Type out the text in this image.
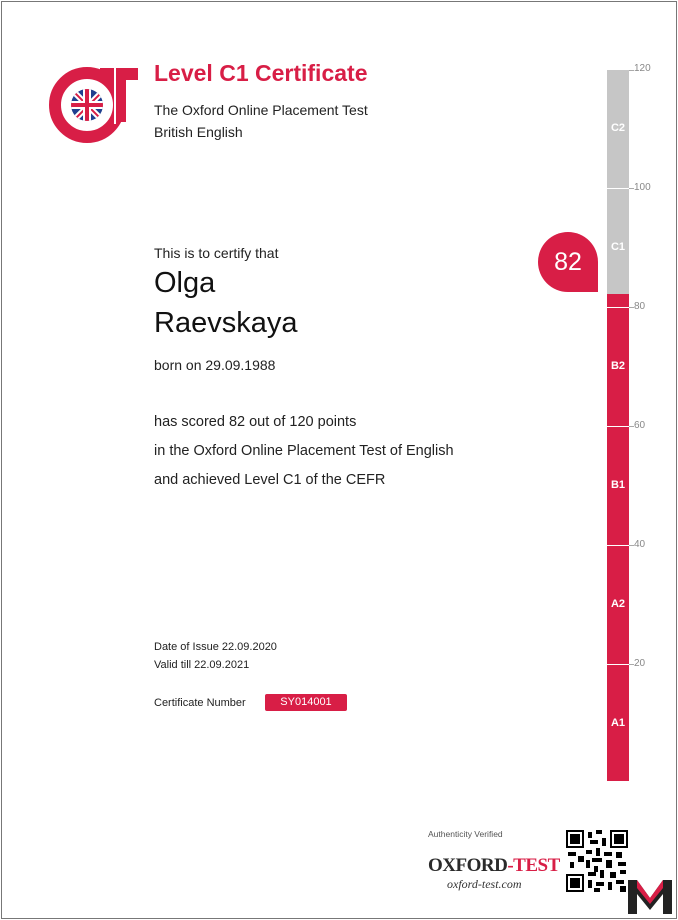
Level C1 Certificate
The Oxford Online Placement Test
British English
This is to certify that
Olga
Raevskaya
born on 29.09.1988
has scored 82 out of 120 points
in the Oxford Online Placement Test of English
and achieved Level C1 of the CEFR
Date of Issue 22.09.2020
Valid till 22.09.2021
Certificate Number	SY014001
C2
C1
B2
B1
A2
A1
120
100
80
60
40
20
82
Authenticity Verified
OXFORD-TEST
oxford-test.com
